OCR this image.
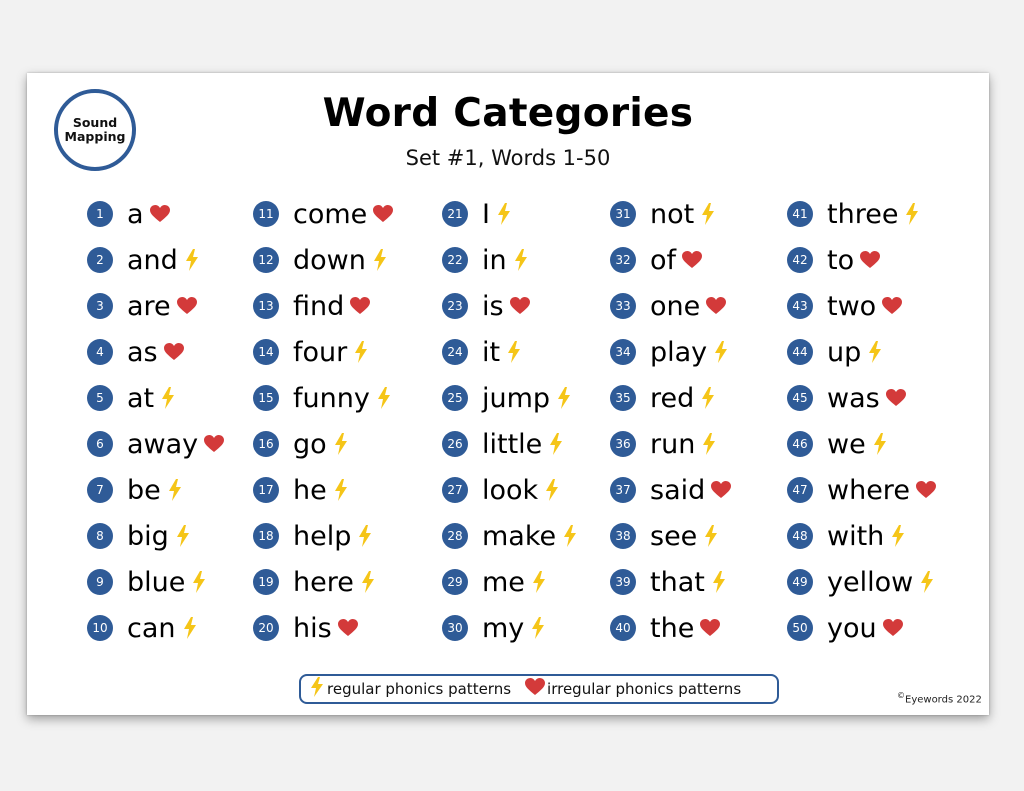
Sound
Mapping
Word Categories
Set #1, Words 1-50
1 a
2 and
3 are
4 as
5 at
6 away
7 be
8 big
9 blue
10 can
11 come
12 down
13 find
14 four
15 funny
16 go
17 he
18 help
19 here
20 his
21 I
22 in
23 is
24 it
25 jump
26 little
27 look
28 make
29 me
30 my
31 not
32 of
33 one
34 play
35 red
36 run
37 said
38 see
39 that
40 the
41 three
42 to
43 two
44 up
45 was
46 we
47 where
48 with
49 yellow
50 you
regular phonics patterns irregular phonics patterns	©Eyewords 2022
